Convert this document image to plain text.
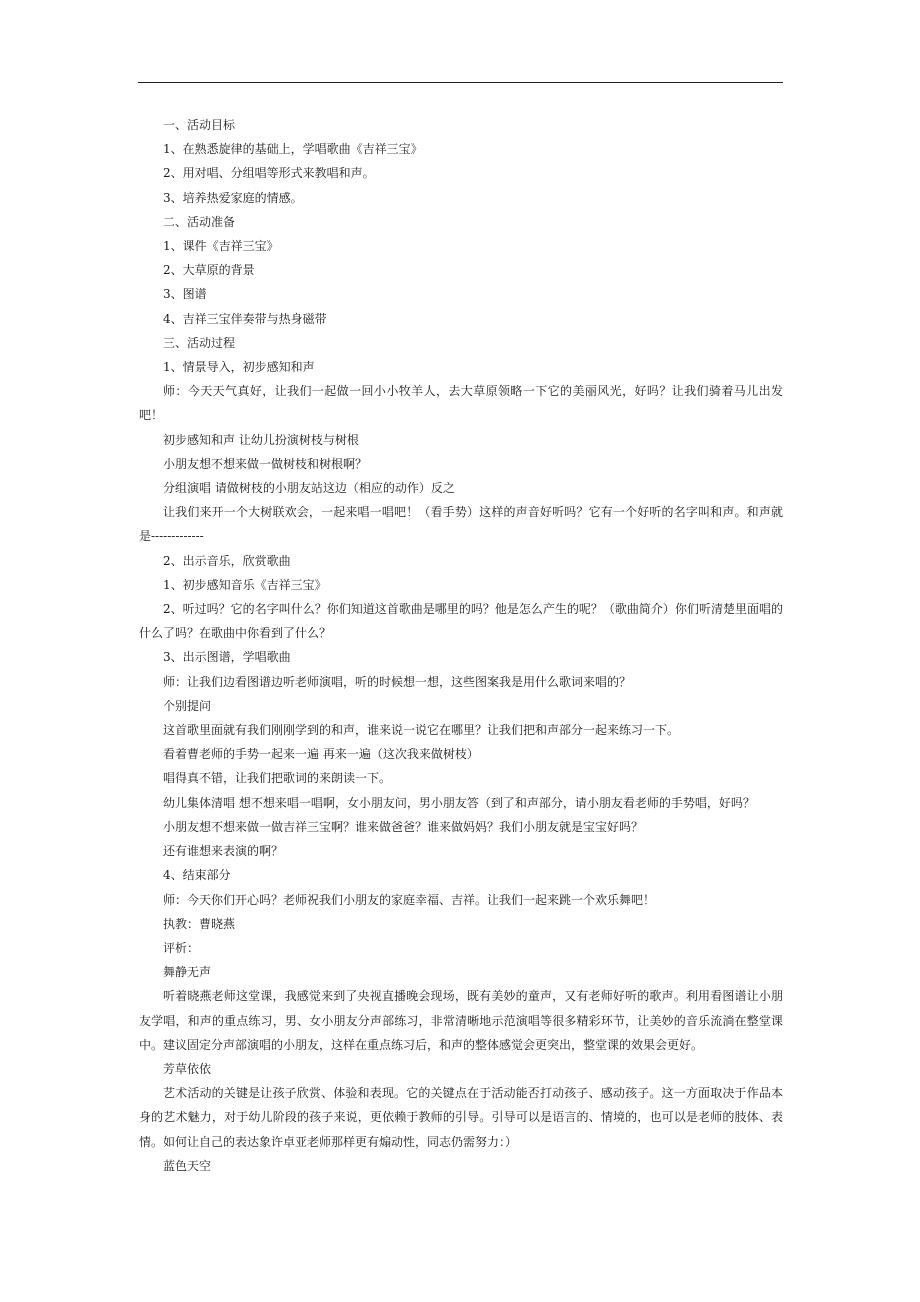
一、活动目标

1、在熟悉旋律的基础上，学唱歌曲《吉祥三宝》

2、用对唱、分组唱等形式来教唱和声。

3、培养热爱家庭的情感。

二、活动准备

1、课件《吉祥三宝》

2、大草原的背景

3、图谱

4、吉祥三宝伴奏带与热身磁带

三、活动过程

1、情景导入，初步感知和声

师：今天天气真好，让我们一起做一回小小牧羊人，去大草原领略一下它的美丽风光，好吗？让我们骑着马儿出发吧！

初步感知和声 让幼儿扮演树枝与树根

小朋友想不想来做一做树枝和树根啊？

分组演唱 请做树枝的小朋友站这边（相应的动作）反之

让我们来开一个大树联欢会，一起来唱一唱吧！（看手势）这样的声音好听吗？它有一个好听的名字叫和声。和声就是-------------

2、出示音乐，欣赏歌曲

1、初步感知音乐《吉祥三宝》

2、听过吗？它的名字叫什么？你们知道这首歌曲是哪里的吗？他是怎么产生的呢？（歌曲简介）你们听清楚里面唱的什么了吗？在歌曲中你看到了什么？

3、出示图谱，学唱歌曲

师：让我们边看图谱边听老师演唱，听的时候想一想，这些图案我是用什么歌词来唱的？

个别提问

这首歌里面就有我们刚刚学到的和声，谁来说一说它在哪里？让我们把和声部分一起来练习一下。

看着曹老师的手势一起来一遍 再来一遍（这次我来做树枝）

唱得真不错，让我们把歌词的来朗读一下。

幼儿集体清唱 想不想来唱一唱啊，女小朋友问，男小朋友答（到了和声部分，请小朋友看老师的手势唱，好吗？

小朋友想不想来做一做吉祥三宝啊？谁来做爸爸？谁来做妈妈？我们小朋友就是宝宝好吗？

还有谁想来表演的啊？

4、结束部分

师：今天你们开心吗？老师祝我们小朋友的家庭幸福、吉祥。让我们一起来跳一个欢乐舞吧！

执教：曹晓燕

评析：

舞静无声

听着晓燕老师这堂课，我感觉来到了央视直播晚会现场，既有美妙的童声，又有老师好听的歌声。利用看图谱让小朋友学唱，和声的重点练习，男、女小朋友分声部练习，非常清晰地示范演唱等很多精彩环节，让美妙的音乐流淌在整堂课中。建议固定分声部演唱的小朋友，这样在重点练习后，和声的整体感觉会更突出，整堂课的效果会更好。

芳草依依

艺术活动的关键是让孩子欣赏、体验和表现。它的关键点在于活动能否打动孩子、感动孩子。这一方面取决于作品本身的艺术魅力，对于幼儿阶段的孩子来说，更依赖于教师的引导。引导可以是语言的、情境的，也可以是老师的肢体、表情。如何让自己的表达象许卓亚老师那样更有煽动性，同志仍需努力：）

蓝色天空
